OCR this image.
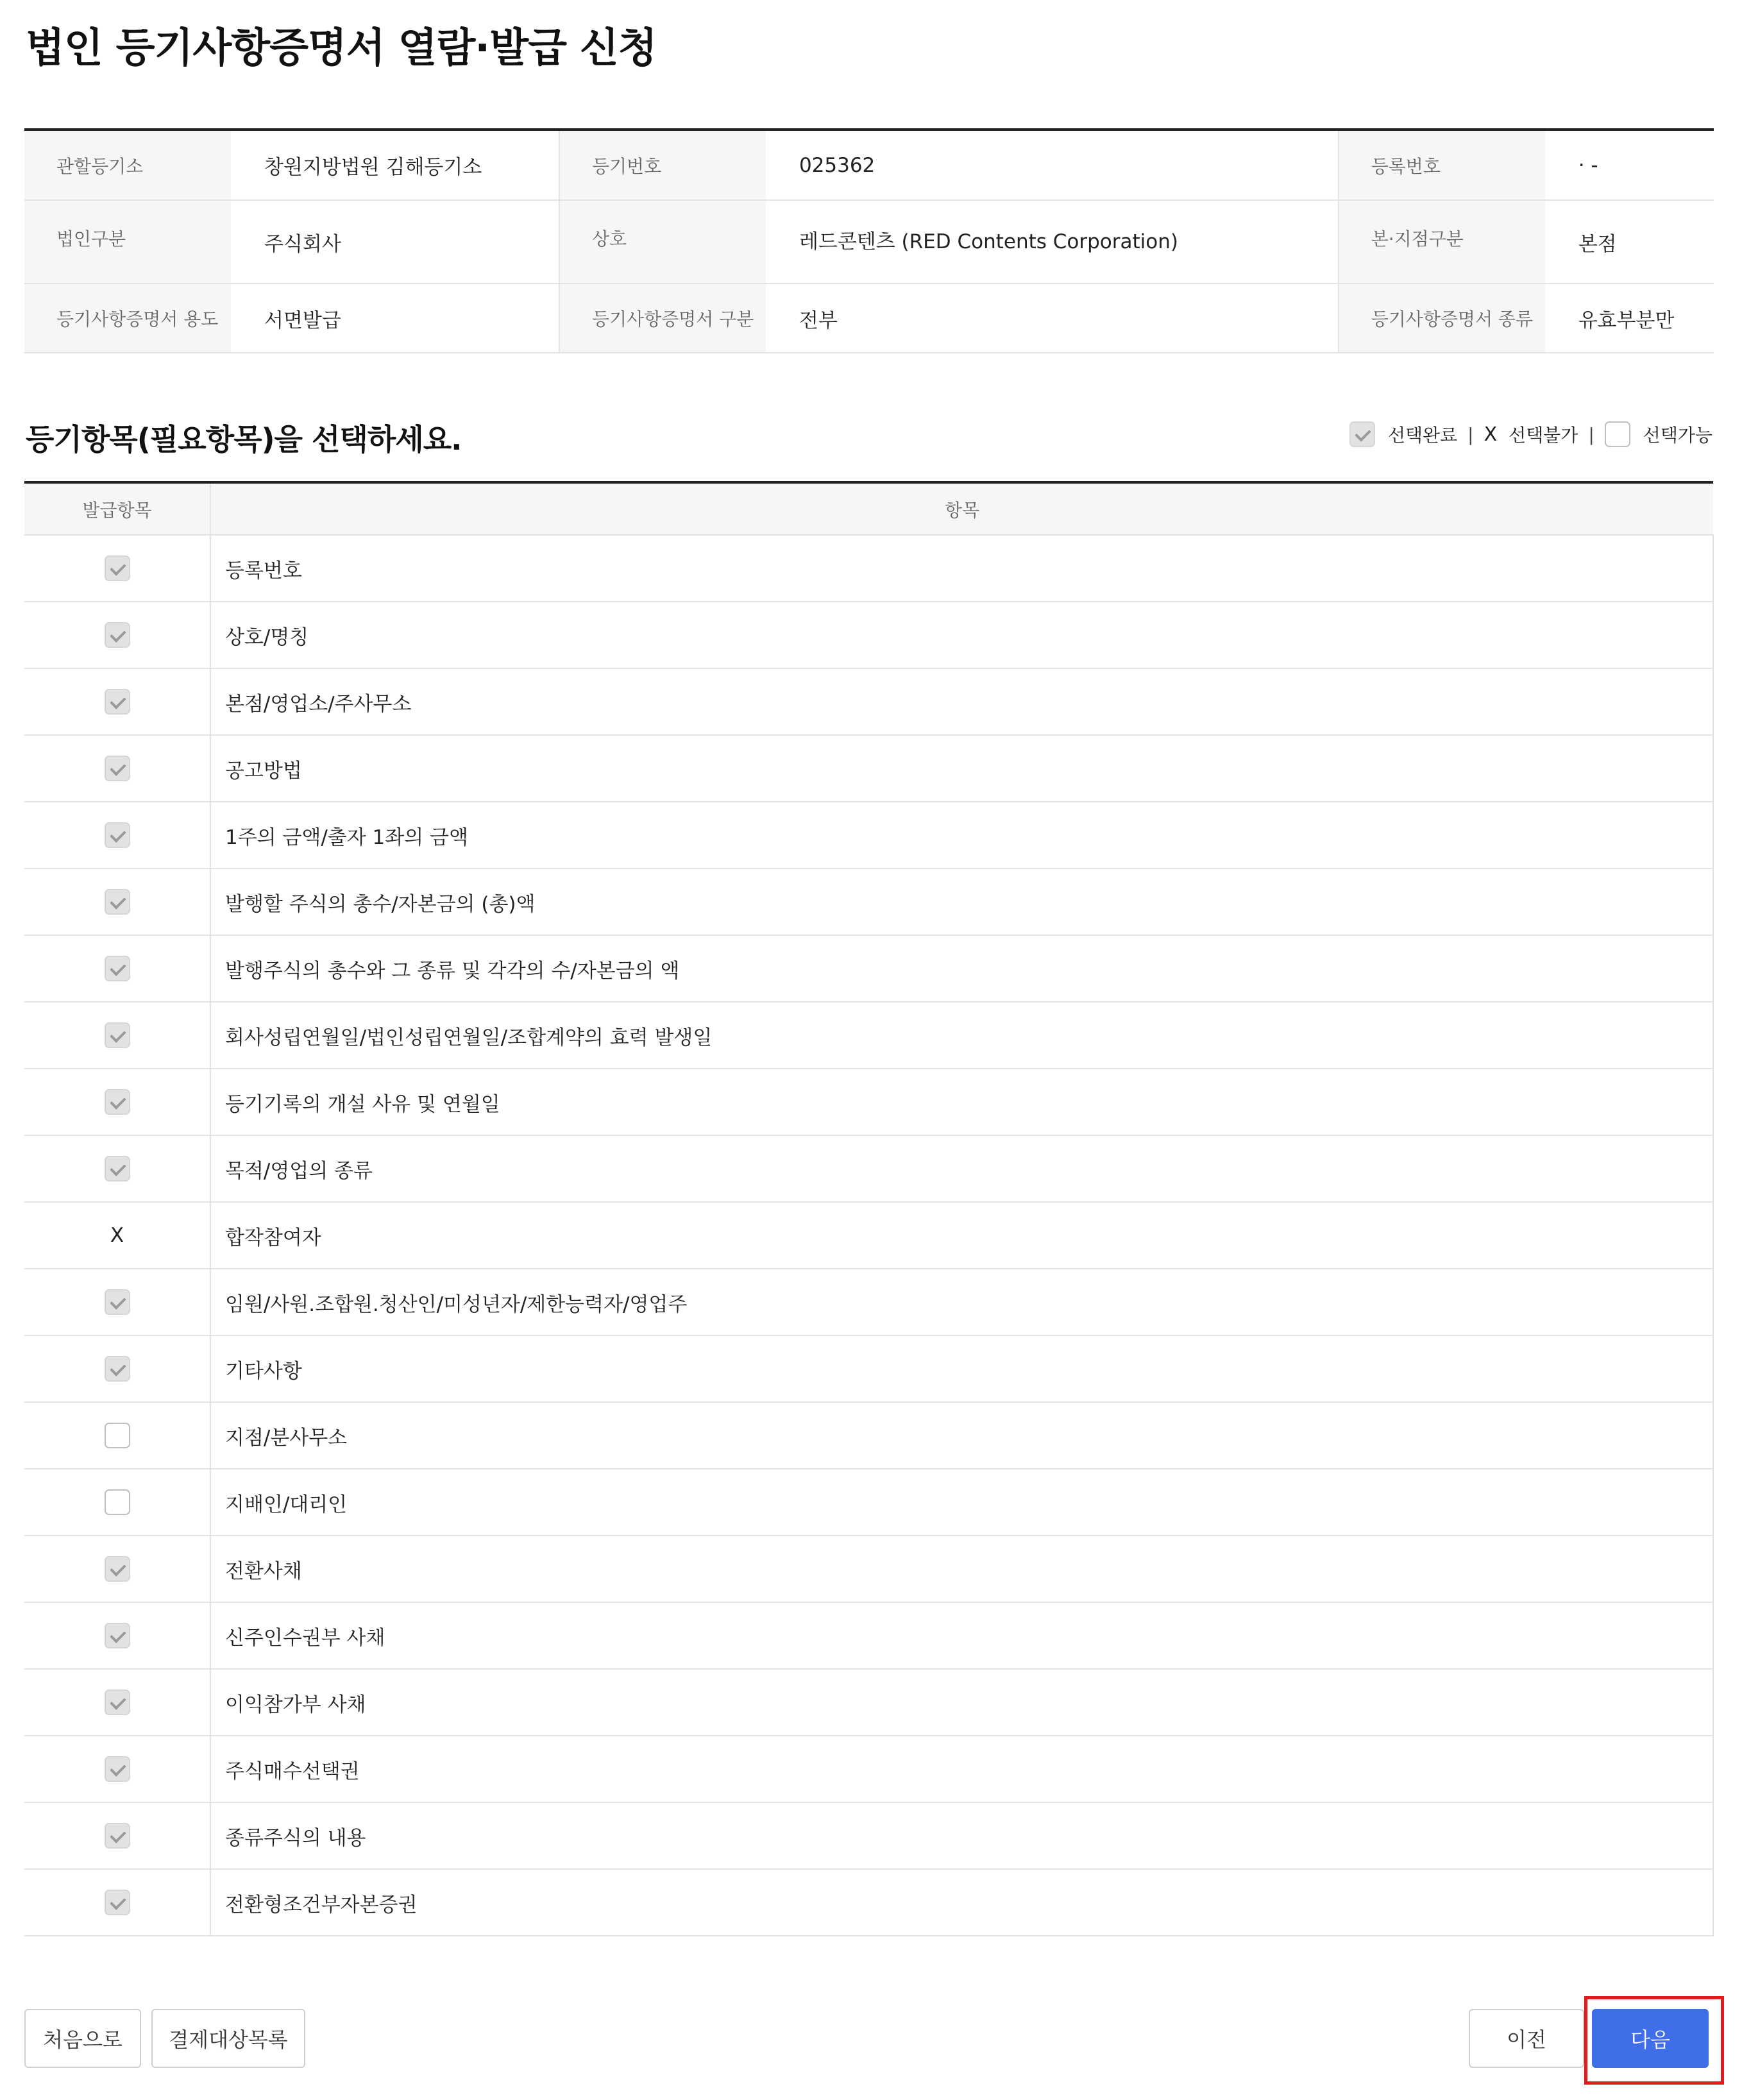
법인 등기사항증명서 열람·발급 신청
관할등기소	창원지방법원 김해등기소	등기번호	025362	등록번호	· -
법인구분	주식회사	상호	레드콘텐츠 (RED Contents Corporation)	본·지점구분	본점
등기사항증명서 용도	서면발급	등기사항증명서 구분	전부	등기사항증명서 종류	유효부분만
등기항목(필요항목)을 선택하세요.	선택완료 | X 선택불가 |	선택가능
발급항목	항목
	등록번호
	상호/명칭
	본점/영업소/주사무소
	공고방법
	1주의 금액/출자 1좌의 금액
	발행할 주식의 총수/자본금의 (총)액
	발행주식의 총수와 그 종류 및 각각의 수/자본금의 액
	회사성립연월일/법인성립연월일/조합계약의 효력 발생일
	등기기록의 개설 사유 및 연월일
	목적/영업의 종류
X	합작참여자
	임원/사원.조합원.청산인/미성년자/제한능력자/영업주
	기타사항
	지점/분사무소
	지배인/대리인
	전환사채
	신주인수권부 사채
	이익참가부 사채
	주식매수선택권
	종류주식의 내용
	전환형조건부자본증권
처음으로	결제대상목록	이전	다음
